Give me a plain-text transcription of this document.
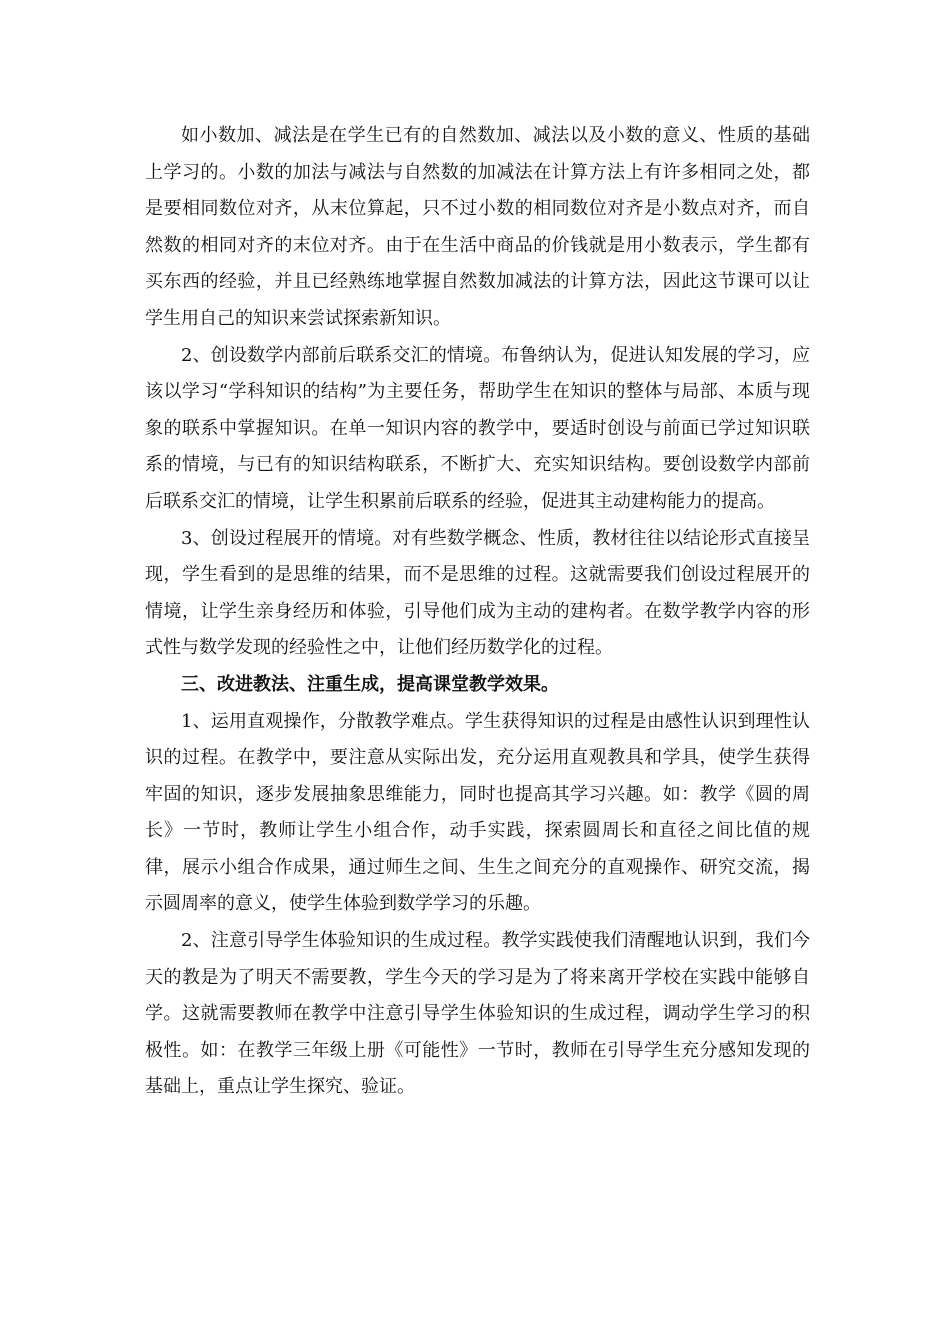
如小数加、减法是在学生已有的自然数加、减法以及小数的意义、性质的基础上学习的。小数的加法与减法与自然数的加减法在计算方法上有许多相同之处，都是要相同数位对齐，从末位算起，只不过小数的相同数位对齐是小数点对齐，而自然数的相同对齐的末位对齐。由于在生活中商品的价钱就是用小数表示，学生都有买东西的经验，并且已经熟练地掌握自然数加减法的计算方法，因此这节课可以让学生用自己的知识来尝试探索新知识。

2、创设数学内部前后联系交汇的情境。布鲁纳认为，促进认知发展的学习，应该以学习“学科知识的结构”为主要任务，帮助学生在知识的整体与局部、本质与现象的联系中掌握知识。在单一知识内容的教学中，要适时创设与前面已学过知识联系的情境，与已有的知识结构联系，不断扩大、充实知识结构。要创设数学内部前后联系交汇的情境，让学生积累前后联系的经验，促进其主动建构能力的提高。

3、创设过程展开的情境。对有些数学概念、性质，教材往往以结论形式直接呈现，学生看到的是思维的结果，而不是思维的过程。这就需要我们创设过程展开的情境，让学生亲身经历和体验，引导他们成为主动的建构者。在数学教学内容的形式性与数学发现的经验性之中，让他们经历数学化的过程。

三、改进教法、注重生成，提高课堂教学效果。

1、运用直观操作，分散教学难点。学生获得知识的过程是由感性认识到理性认识的过程。在教学中，要注意从实际出发，充分运用直观教具和学具，使学生获得牢固的知识，逐步发展抽象思维能力，同时也提高其学习兴趣。如：教学《圆的周长》一节时，教师让学生小组合作，动手实践，探索圆周长和直径之间比值的规律，展示小组合作成果，通过师生之间、生生之间充分的直观操作、研究交流，揭示圆周率的意义，使学生体验到数学学习的乐趣。

2、注意引导学生体验知识的生成过程。教学实践使我们清醒地认识到，我们今天的教是为了明天不需要教，学生今天的学习是为了将来离开学校在实践中能够自学。这就需要教师在教学中注意引导学生体验知识的生成过程，调动学生学习的积极性。如：在教学三年级上册《可能性》一节时，教师在引导学生充分感知发现的基础上，重点让学生探究、验证。
